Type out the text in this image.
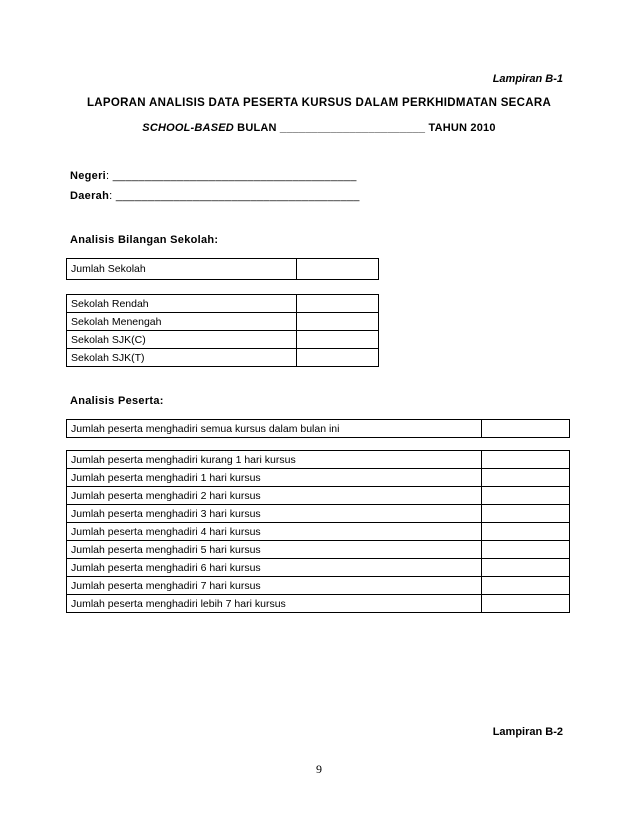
Lampiran B-1
LAPORAN ANALISIS DATA PESERTA KURSUS DALAM PERKHIDMATAN SECARA
SCHOOL-BASED BULAN _______________________ TAHUN 2010
Negeri: ______________________________________
Daerah: ______________________________________
Analisis Bilangan Sekolah:
Jumlah Sekolah	
Sekolah Rendah	
Sekolah Menengah	
Sekolah SJK(C)	
Sekolah SJK(T)	
Analisis Peserta:
Jumlah peserta menghadiri semua kursus dalam bulan ini	
Jumlah peserta menghadiri kurang 1 hari kursus	
Jumlah peserta menghadiri 1 hari kursus	
Jumlah peserta menghadiri 2 hari kursus	
Jumlah peserta menghadiri 3 hari kursus	
Jumlah peserta menghadiri 4 hari kursus	
Jumlah peserta menghadiri 5 hari kursus	
Jumlah peserta menghadiri 6 hari kursus	
Jumlah peserta menghadiri 7 hari kursus	
Jumlah peserta menghadiri lebih 7 hari kursus	
Lampiran B-2
9
